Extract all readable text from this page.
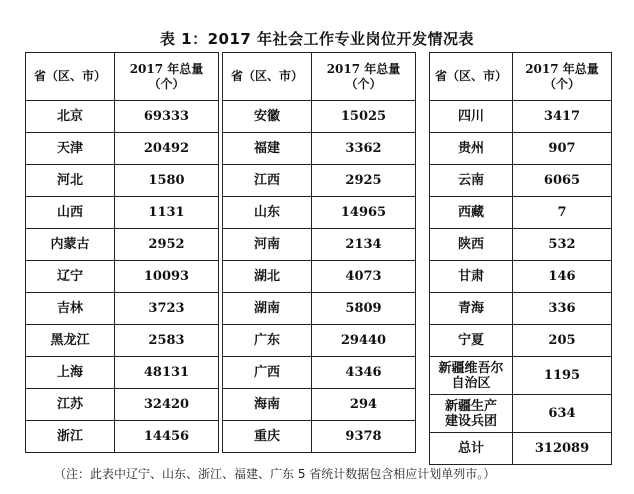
表 1：2017 年社会工作专业岗位开发情况表
省（区、市）	2017 年总量
（个）

北京	69333

天津	20492

河北	1580

山西	1131

内蒙古	2952

辽宁	10093

吉林	3723

黑龙江	2583

上海	48131

江苏	32420

浙江	14456
省（区、市）	2017 年总量
（个）

安徽	15025

福建	3362

江西	2925

山东	14965

河南	2134

湖北	4073

湖南	5809

广东	29440

广西	4346

海南	294

重庆	9378
省（区、市）	2017 年总量
（个）

四川	3417

贵州	907

云南	6065

西藏	7

陕西	532

甘肃	146

青海	336

宁夏	205

新疆维吾尔
自治区	1195

新疆生产
建设兵团	634

总计	312089
（注：此表中辽宁、山东、浙江、福建、广东 5 省统计数据包含相应计划单列市。）
